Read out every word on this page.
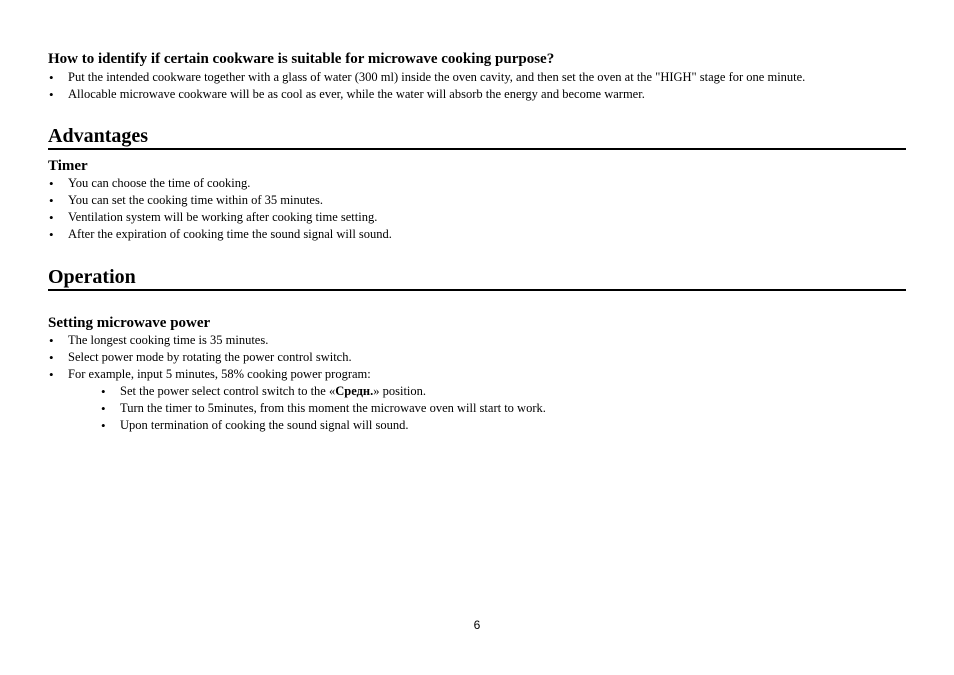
How to identify if certain cookware is suitable for microwave cooking purpose?
• Put the intended cookware together with a glass of water (300 ml) inside the oven cavity, and then set the oven at the "HIGH" stage for one minute.
• Allocable microwave cookware will be as cool as ever, while the water will absorb the energy and become warmer.
Advantages
Timer
• You can choose the time of cooking.
• You can set the cooking time within of 35 minutes.
• Ventilation system will be working after cooking time setting.
• After the expiration of cooking time the sound signal will sound.
Operation
Setting microwave power
• The longest cooking time is 35 minutes.
• Select power mode by rotating the power control switch.
• For example, input 5 minutes, 58% cooking power program:
• Set the power select control switch to the «Средн.» position.
• Turn the timer to 5minutes, from this moment the microwave oven will start to work.
• Upon termination of cooking the sound signal will sound.
6
